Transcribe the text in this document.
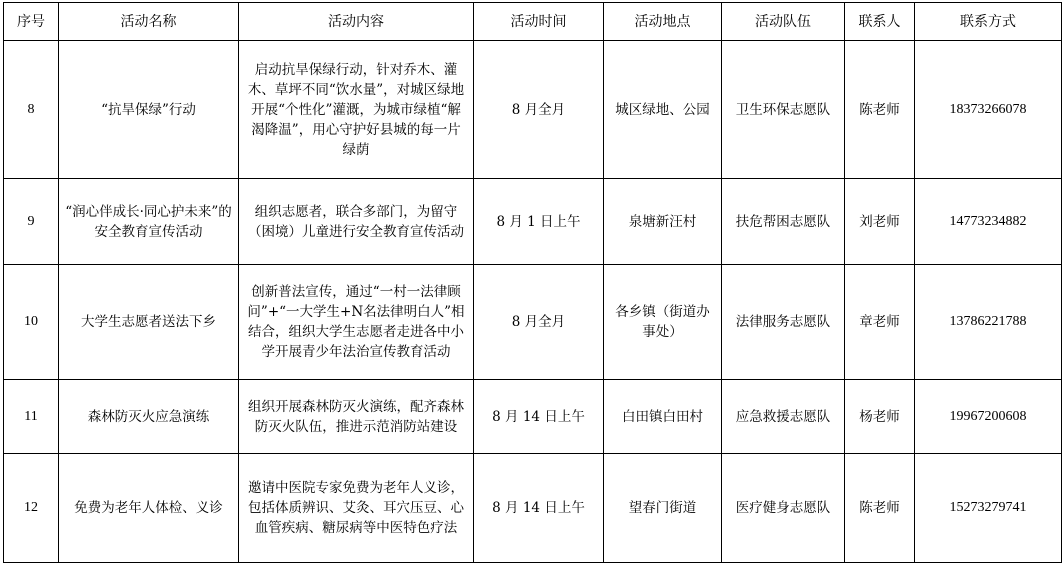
序号	活动名称	活动内容	活动时间	活动地点	活动队伍	联系人	联系方式
8	“抗旱保绿”行动	启动抗旱保绿行动，针对乔木、灌木、草坪不同“饮水量”，对城区绿地开展“个性化”灌溉，为城市绿植“解渴降温”，用心守护好县城的每一片绿荫	8 月全月	城区绿地、公园	卫生环保志愿队	陈老师	18373266078
9	“润心伴成长·同心护未来”的安全教育宣传活动	组织志愿者，联合多部门，为留守（困境）儿童进行安全教育宣传活动	8 月 1 日上午	泉塘新汪村	扶危帮困志愿队	刘老师	14773234882
10	大学生志愿者送法下乡	创新普法宣传，通过“一村一法律顾问”+“一大学生+N名法律明白人”相结合，组织大学生志愿者走进各中小学开展青少年法治宣传教育活动	8 月全月	各乡镇（街道办事处）	法律服务志愿队	章老师	13786221788
11	森林防灭火应急演练	组织开展森林防灭火演练，配齐森林防灭火队伍，推进示范消防站建设	8 月 14 日上午	白田镇白田村	应急救援志愿队	杨老师	19967200608
12	免费为老年人体检、义诊	邀请中医院专家免费为老年人义诊，包括体质辨识、艾灸、耳穴压豆、心血管疾病、糖尿病等中医特色疗法	8 月 14 日上午	望春门街道	医疗健身志愿队	陈老师	15273279741
